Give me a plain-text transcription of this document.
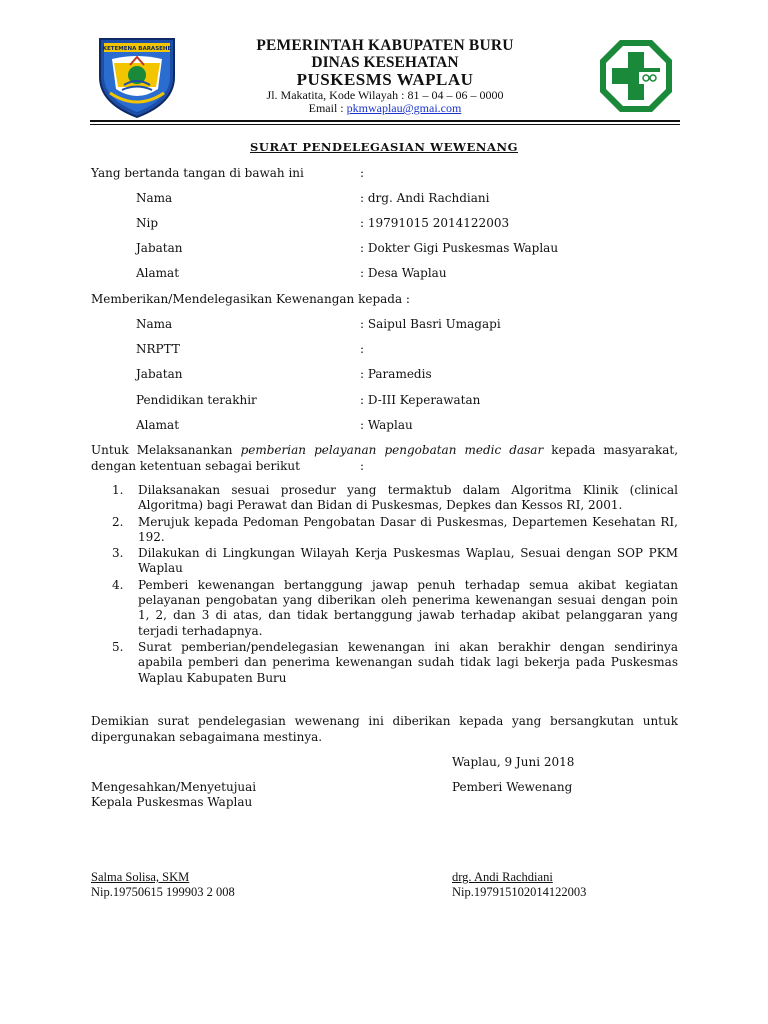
KETEMENA BARASEHE	PEMERINTAH KABUPATEN BURU
DINAS KESEHATAN
PUSKESMS WAPLAU
Jl. Makatita, Kode Wilayah : 81 – 04 – 06 – 0000
Email : pkmwaplau@gmai.com
SURAT PENDELEGASIAN WEWENANG
Yang bertanda tangan di bawah ini	:
Nama	: drg. Andi Rachdiani
Nip	: 19791015 2014122003
Jabatan	: Dokter Gigi Puskesmas Waplau
Alamat	: Desa Waplau
Memberikan/Mendelegasikan Kewenangan kepada :
Nama	: Saipul Basri Umagapi
NRPTT	:
Jabatan	: Paramedis
Pendidikan terakhir	: D-III Keperawatan
Alamat	: Waplau
Untuk Melaksanankan pemberian pelayanan pengobatan medic dasar kepada masyarakat, dengan ketentuan sebagai berikut	:
1.	Dilaksanakan sesuai prosedur yang termaktub dalam Algoritma Klinik (clinical Algoritma) bagi Perawat dan Bidan di Puskesmas, Depkes dan Kessos RI, 2001.
2.	Merujuk kepada Pedoman Pengobatan Dasar di Puskesmas, Departemen Kesehatan RI, 192.
3.	Dilakukan di Lingkungan Wilayah Kerja Puskesmas Waplau, Sesuai dengan SOP PKM Waplau
4.	Pemberi kewenangan bertanggung jawap penuh terhadap semua akibat kegiatan pelayanan pengobatan yang diberikan oleh penerima kewenangan sesuai dengan poin 1, 2, dan 3 di atas, dan tidak bertanggung jawab terhadap akibat pelanggaran yang terjadi terhadapnya.
5.	Surat pemberian/pendelegasian kewenangan ini akan berakhir dengan sendirinya apabila pemberi dan penerima kewenangan sudah tidak lagi bekerja pada Puskesmas Waplau Kabupaten Buru
Demikian surat pendelegasian wewenang ini diberikan kepada yang bersangkutan untuk dipergunakan sebagaimana mestinya.
Waplau, 9 Juni 2018
Mengesahkan/Menyetujuai
Kepala Puskesmas Waplau
Pemberi Wewenang
Salma Solisa, SKM
Nip.19750615 199903 2 008
drg. Andi Rachdiani
Nip.197915102014122003
